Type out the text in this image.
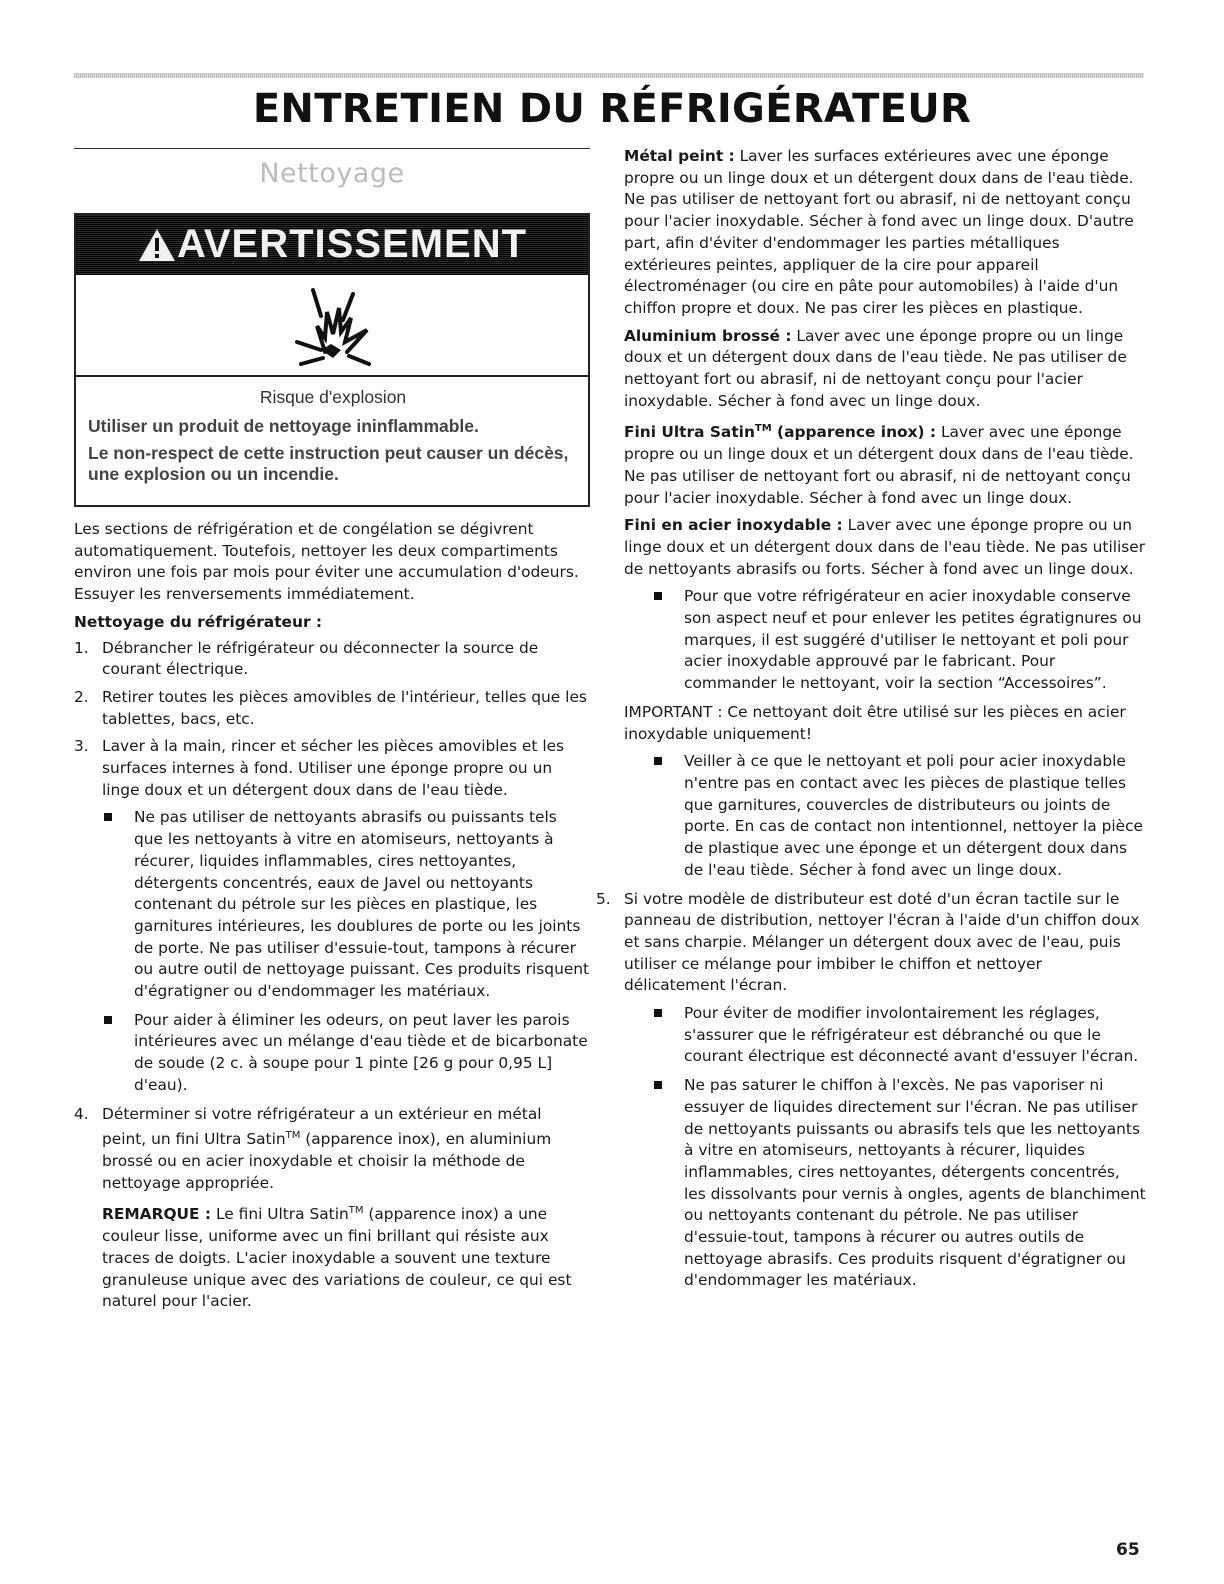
ENTRETIEN DU RÉFRIGÉRATEUR
Nettoyage
AVERTISSEMENT
Risque d'explosion

Utiliser un produit de nettoyage ininflammable.

Le non-respect de cette instruction peut causer un décès, une explosion ou un incendie.

Les sections de réfrigération et de congélation se dégivrent automatiquement. Toutefois, nettoyer les deux compartiments environ une fois par mois pour éviter une accumulation d'odeurs. Essuyer les renversements immédiatement.

Nettoyage du réfrigérateur :
1. Débrancher le réfrigérateur ou déconnecter la source de courant électrique.
2. Retirer toutes les pièces amovibles de l'intérieur, telles que les tablettes, bacs, etc.
3. Laver à la main, rincer et sécher les pièces amovibles et les surfaces internes à fond. Utiliser une éponge propre ou un linge doux et un détergent doux dans de l'eau tiède.
Ne pas utiliser de nettoyants abrasifs ou puissants tels que les nettoyants à vitre en atomiseurs, nettoyants à récurer, liquides inflammables, cires nettoyantes, détergents concentrés, eaux de Javel ou nettoyants contenant du pétrole sur les pièces en plastique, les garnitures intérieures, les doublures de porte ou les joints de porte. Ne pas utiliser d'essuie-tout, tampons à récurer ou autre outil de nettoyage puissant. Ces produits risquent d'égratigner ou d'endommager les matériaux.
Pour aider à éliminer les odeurs, on peut laver les parois intérieures avec un mélange d'eau tiède et de bicarbonate de soude (2 c. à soupe pour 1 pinte [26 g pour 0,95 L] d'eau).
4. Déterminer si votre réfrigérateur a un extérieur en métal peint, un fini Ultra Satin™ (apparence inox), en aluminium brossé ou en acier inoxydable et choisir la méthode de nettoyage appropriée.
REMARQUE : Le fini Ultra Satin™ (apparence inox) a une couleur lisse, uniforme avec un fini brillant qui résiste aux traces de doigts. L'acier inoxydable a souvent une texture granuleuse unique avec des variations de couleur, ce qui est naturel pour l'acier.

Métal peint : Laver les surfaces extérieures avec une éponge propre ou un linge doux et un détergent doux dans de l'eau tiède. Ne pas utiliser de nettoyant fort ou abrasif, ni de nettoyant conçu pour l'acier inoxydable. Sécher à fond avec un linge doux. D'autre part, afin d'éviter d'endommager les parties métalliques extérieures peintes, appliquer de la cire pour appareil électroménager (ou cire en pâte pour automobiles) à l'aide d'un chiffon propre et doux. Ne pas cirer les pièces en plastique.

Aluminium brossé : Laver avec une éponge propre ou un linge doux et un détergent doux dans de l'eau tiède. Ne pas utiliser de nettoyant fort ou abrasif, ni de nettoyant conçu pour l'acier inoxydable. Sécher à fond avec un linge doux.

Fini Ultra Satin™ (apparence inox) : Laver avec une éponge propre ou un linge doux et un détergent doux dans de l'eau tiède. Ne pas utiliser de nettoyant fort ou abrasif, ni de nettoyant conçu pour l'acier inoxydable. Sécher à fond avec un linge doux.

Fini en acier inoxydable : Laver avec une éponge propre ou un linge doux et un détergent doux dans de l'eau tiède. Ne pas utiliser de nettoyants abrasifs ou forts. Sécher à fond avec un linge doux.

Pour que votre réfrigérateur en acier inoxydable conserve son aspect neuf et pour enlever les petites égratignures ou marques, il est suggéré d'utiliser le nettoyant et poli pour acier inoxydable approuvé par le fabricant. Pour commander le nettoyant, voir la section “Accessoires”.

IMPORTANT : Ce nettoyant doit être utilisé sur les pièces en acier inoxydable uniquement!

Veiller à ce que le nettoyant et poli pour acier inoxydable n'entre pas en contact avec les pièces de plastique telles que garnitures, couvercles de distributeurs ou joints de porte. En cas de contact non intentionnel, nettoyer la pièce de plastique avec une éponge et un détergent doux dans de l'eau tiède. Sécher à fond avec un linge doux.
5. Si votre modèle de distributeur est doté d'un écran tactile sur le panneau de distribution, nettoyer l'écran à l'aide d'un chiffon doux et sans charpie. Mélanger un détergent doux avec de l'eau, puis utiliser ce mélange pour imbiber le chiffon et nettoyer délicatement l'écran.
Pour éviter de modifier involontairement les réglages, s'assurer que le réfrigérateur est débranché ou que le courant électrique est déconnecté avant d'essuyer l'écran.
Ne pas saturer le chiffon à l'excès. Ne pas vaporiser ni essuyer de liquides directement sur l'écran. Ne pas utiliser de nettoyants puissants ou abrasifs tels que les nettoyants à vitre en atomiseurs, nettoyants à récurer, liquides inflammables, cires nettoyantes, détergents concentrés, les dissolvants pour vernis à ongles, agents de blanchiment ou nettoyants contenant du pétrole. Ne pas utiliser d'essuie-tout, tampons à récurer ou autres outils de nettoyage abrasifs. Ces produits risquent d'égratigner ou d'endommager les matériaux.
65
